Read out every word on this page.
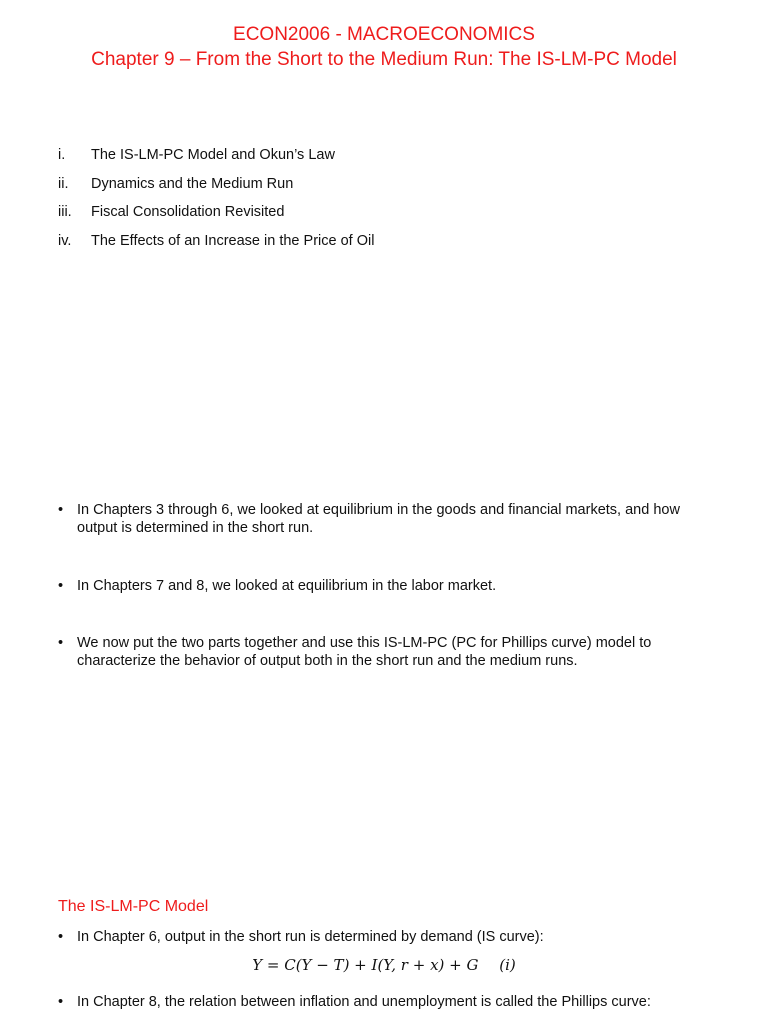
ECON2006 - MACROECONOMICS
Chapter 9 – From the Short to the Medium Run: The IS-LM-PC Model
i.	The IS-LM-PC Model and Okun’s Law
ii.	Dynamics and the Medium Run
iii.	Fiscal Consolidation Revisited
iv.	The Effects of an Increase in the Price of Oil
• In Chapters 3 through 6, we looked at equilibrium in the goods and financial markets, and how output is determined in the short run.
• In Chapters 7 and 8, we looked at equilibrium in the labor market.
• We now put the two parts together and use this IS-LM-PC (PC for Phillips curve) model to characterize the behavior of output both in the short run and the medium runs.
The IS-LM-PC Model
• In Chapter 6, output in the short run is determined by demand (IS curve):
Y = C(Y − T) + I(Y, r + x) + G (i)
• In Chapter 8, the relation between inflation and unemployment is called the Phillips curve:
